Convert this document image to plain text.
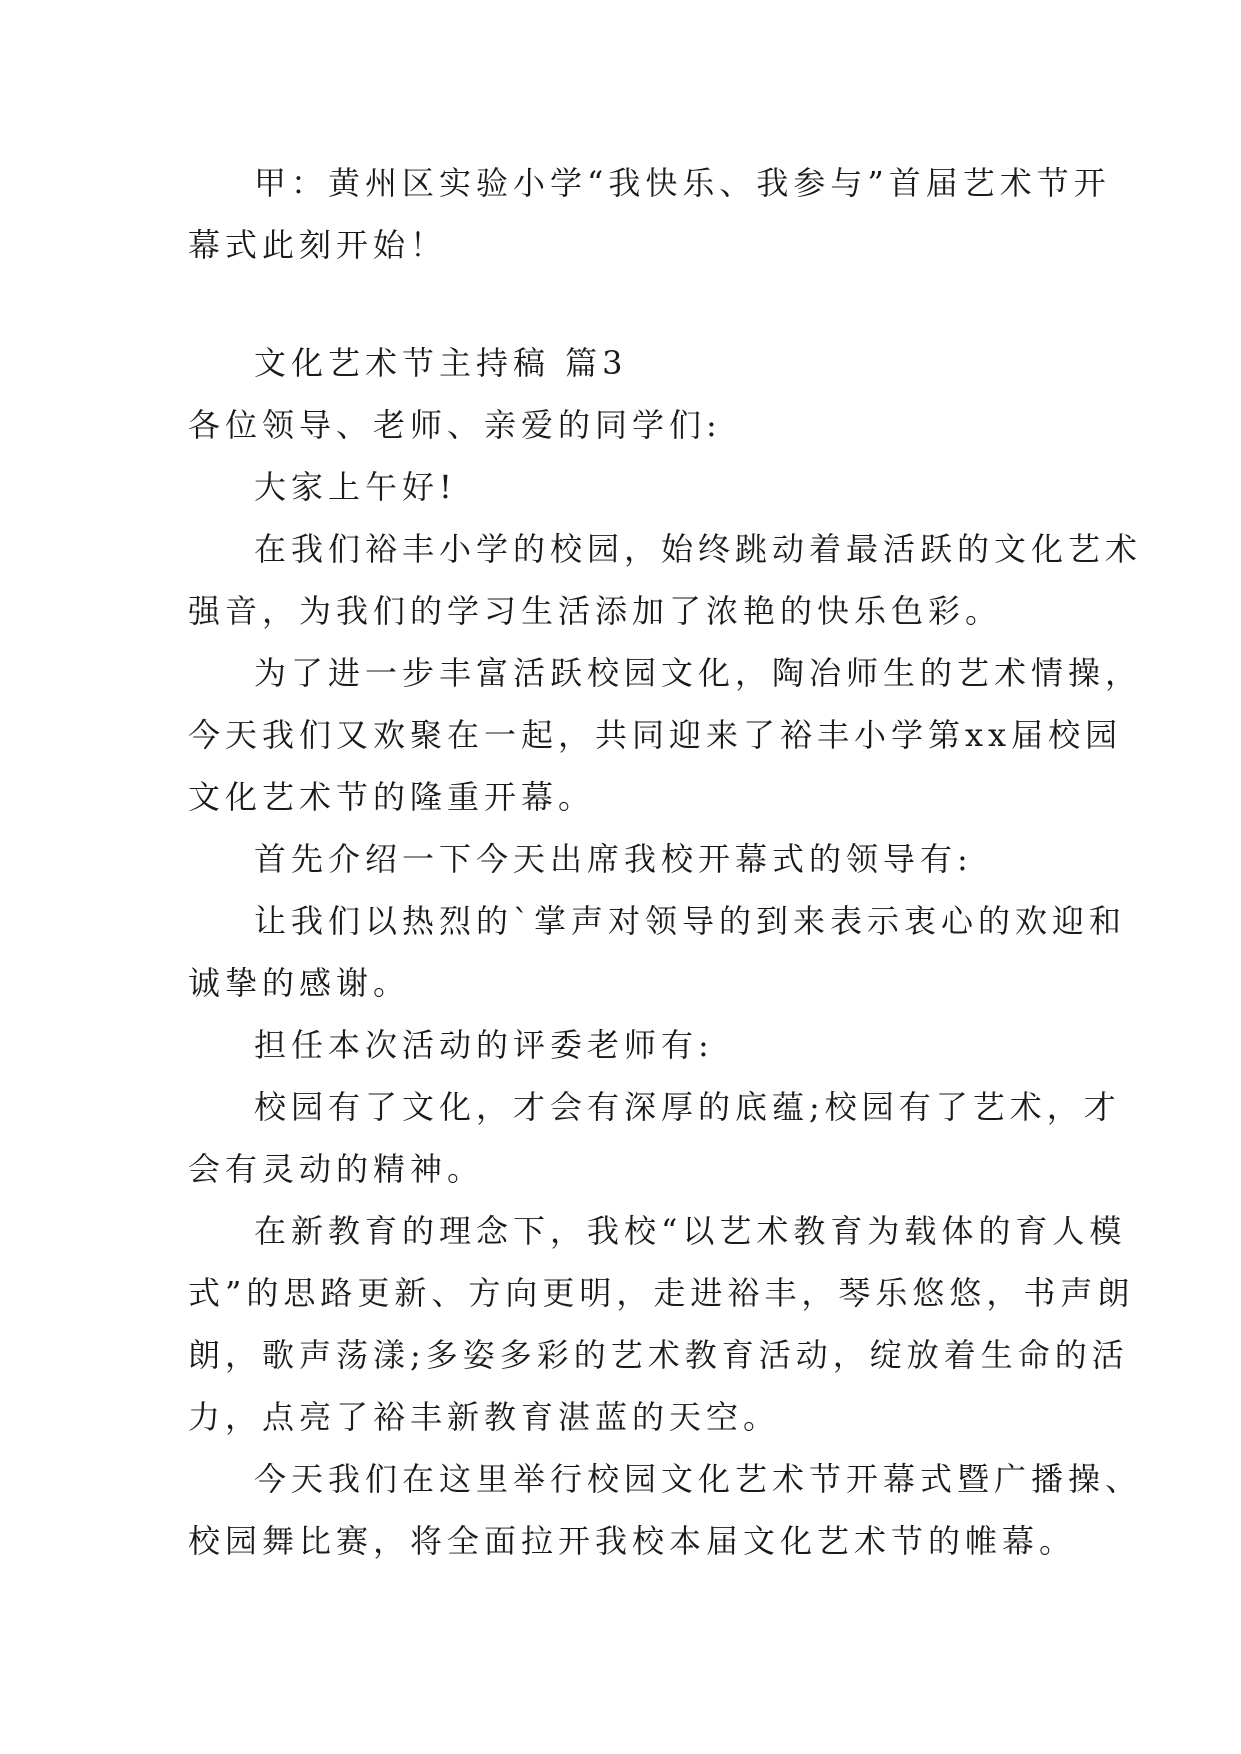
甲：黄州区实验小学“我快乐、我参与”首届艺术节开
幕式此刻开始！
文化艺术节主持稿 篇3
各位领导、老师、亲爱的同学们:
大家上午好!
在我们裕丰小学的校园，始终跳动着最活跃的文化艺术
强音，为我们的学习生活添加了浓艳的快乐色彩。
为了进一步丰富活跃校园文化，陶冶师生的艺术情操，
今天我们又欢聚在一起，共同迎来了裕丰小学第xx届校园
文化艺术节的隆重开幕。
首先介绍一下今天出席我校开幕式的领导有:
让我们以热烈的`掌声对领导的到来表示衷心的欢迎和
诚挚的感谢。
担任本次活动的评委老师有:
校园有了文化，才会有深厚的底蕴;校园有了艺术，才
会有灵动的精神。
在新教育的理念下，我校“以艺术教育为载体的育人模
式”的思路更新、方向更明，走进裕丰，琴乐悠悠，书声朗
朗，歌声荡漾;多姿多彩的艺术教育活动，绽放着生命的活
力，点亮了裕丰新教育湛蓝的天空。
今天我们在这里举行校园文化艺术节开幕式暨广播操、
校园舞比赛，将全面拉开我校本届文化艺术节的帷幕。
